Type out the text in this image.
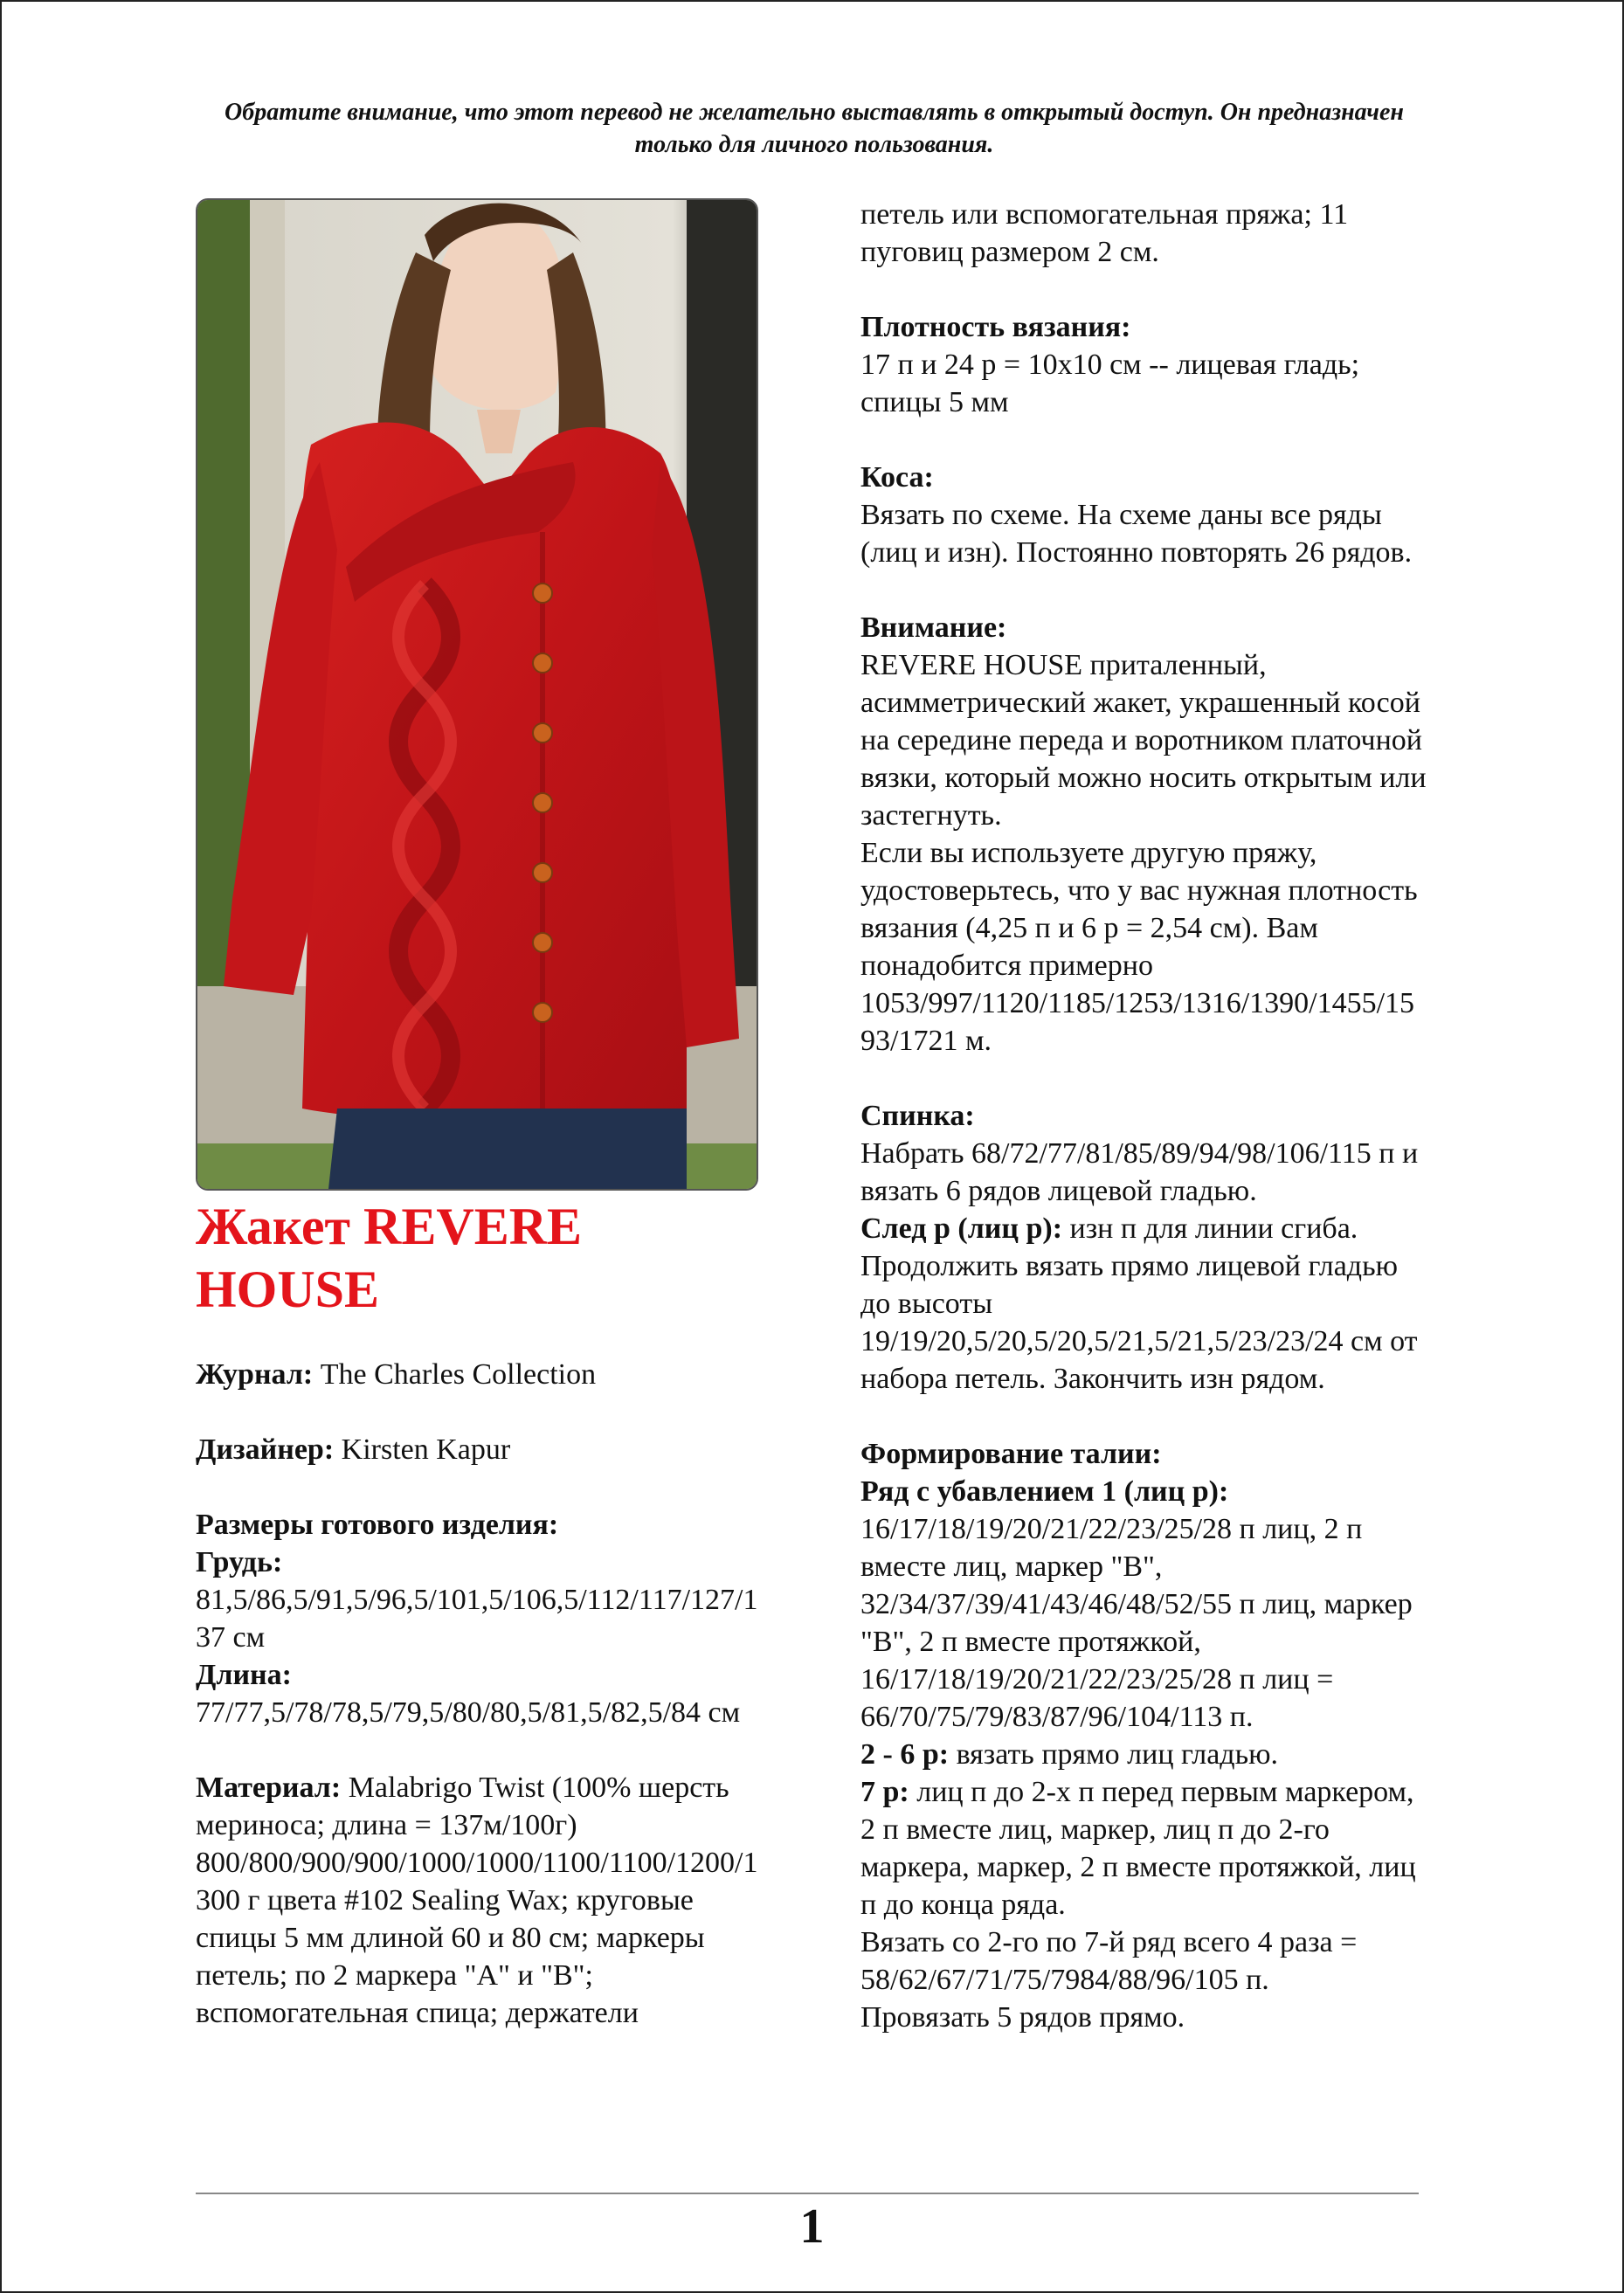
Обратите внимание, что этот перевод не желательно выставлять в открытый доступ. Он предназначен только для личного пользования.
Жакет REVERE HOUSE

Журнал: The Charles Collection

Дизайнер: Kirsten Kapur

Размеры готового изделия:

Грудь:

81,5/86,5/91,5/96,5/101,5/106,5/112/117/127/137 см

Длина:

77/77,5/78/78,5/79,5/80/80,5/81,5/82,5/84 см

Материал: Malabrigo Twist (100% шерсть мериноса; длина = 137м/100г) 800/800/900/900/1000/1000/1100/1100/1200/1300 г цвета #102 Sealing Wax; круговые спицы 5 мм длиной 60 и 80 см; маркеры петель; по 2 маркера "A" и "B"; вспомогательная спица; держатели

петель или вспомогательная пряжа; 11 пуговиц размером 2 см.

Плотность вязания:

17 п и 24 р = 10х10 см -- лицевая гладь; спицы 5 мм

Коса:

Вязать по схеме. На схеме даны все ряды (лиц и изн). Постоянно повторять 26 рядов.

Внимание:

REVERE HOUSE приталенный, асимметрический жакет, украшенный косой на середине переда и воротником платочной вязки, который можно носить открытым или застегнуть.

Если вы используете другую пряжу, удостоверьтесь, что у вас нужная плотность вязания (4,25 п и 6 р = 2,54 см). Вам понадобится примерно 1053/997/1120/1185/1253/1316/1390/1455/1593/1721 м.

Спинка:

Набрать 68/72/77/81/85/89/94/98/106/115 п и вязать 6 рядов лицевой гладью.

След р (лиц р): изн п для линии сгиба. Продолжить вязать прямо лицевой гладью до высоты 19/19/20,5/20,5/20,5/21,5/21,5/23/23/24 см от набора петель. Закончить изн рядом.

Формирование талии:

Ряд с убавлением 1 (лиц р):

16/17/18/19/20/21/22/23/25/28 п лиц, 2 п вместе лиц, маркер "B", 32/34/37/39/41/43/46/48/52/55 п лиц, маркер "B", 2 п вместе протяжкой, 16/17/18/19/20/21/22/23/25/28 п лиц = 66/70/75/79/83/87/96/104/113 п.

2 - 6 р: вязать прямо лиц гладью.

7 р: лиц п до 2-х п перед первым маркером, 2 п вместе лиц, маркер, лиц п до 2-го маркера, маркер, 2 п вместе протяжкой, лиц п до конца ряда.

Вязать со 2-го по 7-й ряд всего 4 раза = 58/62/67/71/75/7984/88/96/105 п.

Провязать 5 рядов прямо.

1
